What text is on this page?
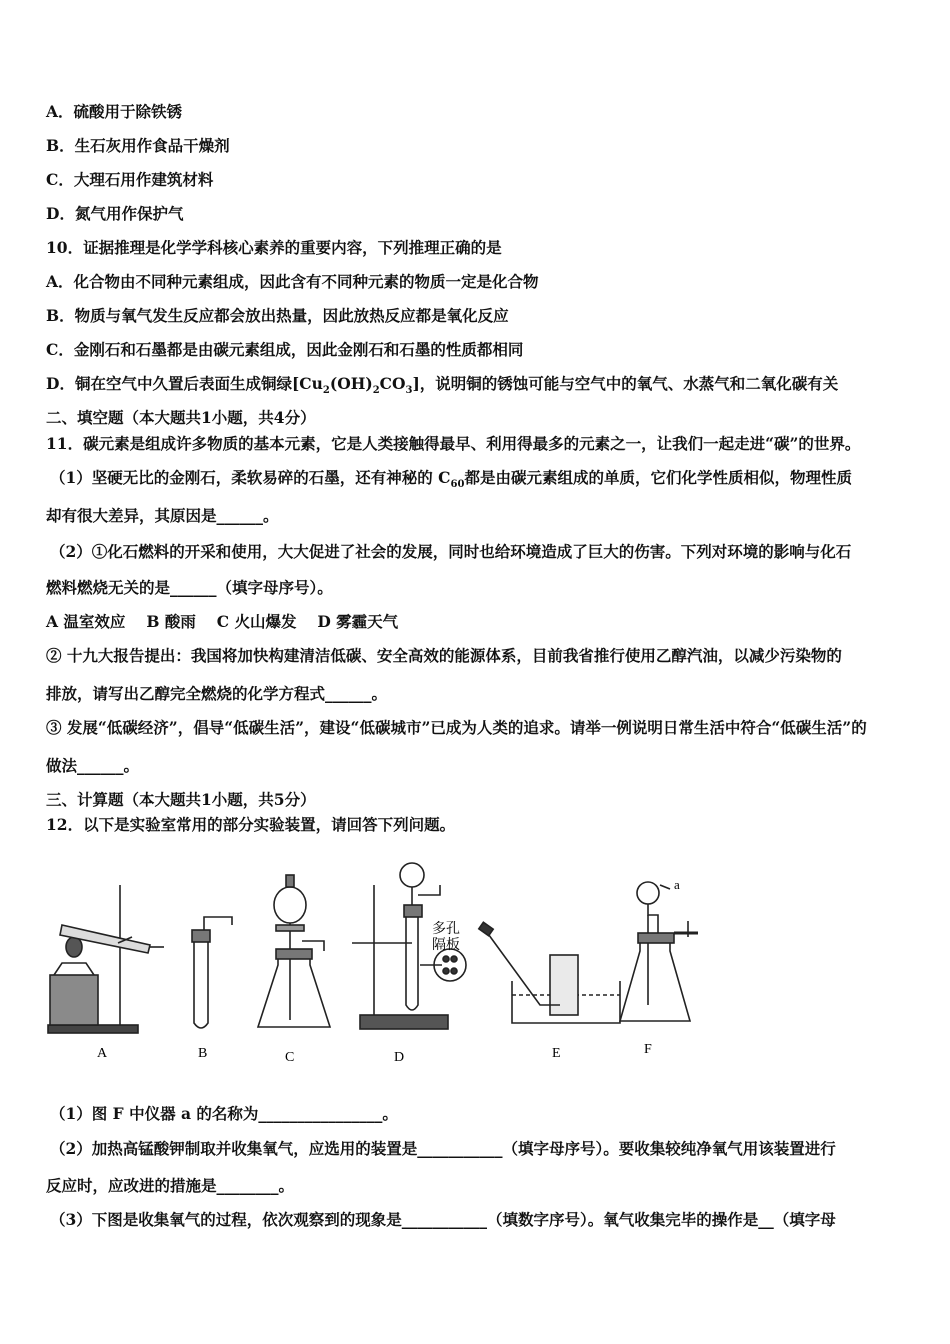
A．硫酸用于除铁锈
B．生石灰用作食品干燥剂
C．大理石用作建筑材料
D．氮气用作保护气
10．证据推理是化学学科核心素养的重要内容，下列推理正确的是
A．化合物由不同种元素组成，因此含有不同种元素的物质一定是化合物
B．物质与氧气发生反应都会放出热量，因此放热反应都是氧化反应
C．金刚石和石墨都是由碳元素组成，因此金刚石和石墨的性质都相同
D．铜在空气中久置后表面生成铜绿$[Cu_2(OH)_2CO_3]$，说明铜的锈蚀可能与空气中的氧气、水蒸气和二氧化碳有关
二、填空题（本大题共1小题，共4分）
11．碳元素是组成许多物质的基本元素，它是人类接触得最早、利用得最多的元素之一，让我们一起走进“碳”的世界。
（1）坚硬无比的金刚石，柔软易碎的石墨，还有神秘的 $C_{60}$都是由碳元素组成的单质，它们化学性质相似，物理性质
却有很大差异，其原因是______。
（2）①化石燃料的开采和使用，大大促进了社会的发展，同时也给环境造成了巨大的伤害。下列对环境的影响与化石
燃料燃烧无关的是______（填字母序号）。
A 温室效应　 B 酸雨　 C 火山爆发　 D 雾霾天气
② 十九大报告提出：我国将加快构建清洁低碳、安全高效的能源体系，目前我省推行使用乙醇汽油，以减少污染物的
排放，请写出乙醇完全燃烧的化学方程式______。
③ 发展“低碳经济”，倡导“低碳生活”，建设“低碳城市”已成为人类的追求。请举一例说明日常生活中符合“低碳生活”的
做法______。
三、计算题（本大题共1小题，共5分）
12．以下是实验室常用的部分实验装置，请回答下列问题。
多孔
隔板
a
A	B	C	D	E	F
（1）图 F 中仪器 a 的名称为________________。
（2）加热高锰酸钾制取并收集氧气，应选用的装置是___________（填字母序号）。要收集较纯净氧气用该装置进行
反应时，应改进的措施是________。
（3）下图是收集氧气的过程，依次观察到的现象是___________（填数字序号）。氧气收集完毕的操作是__（填字母
